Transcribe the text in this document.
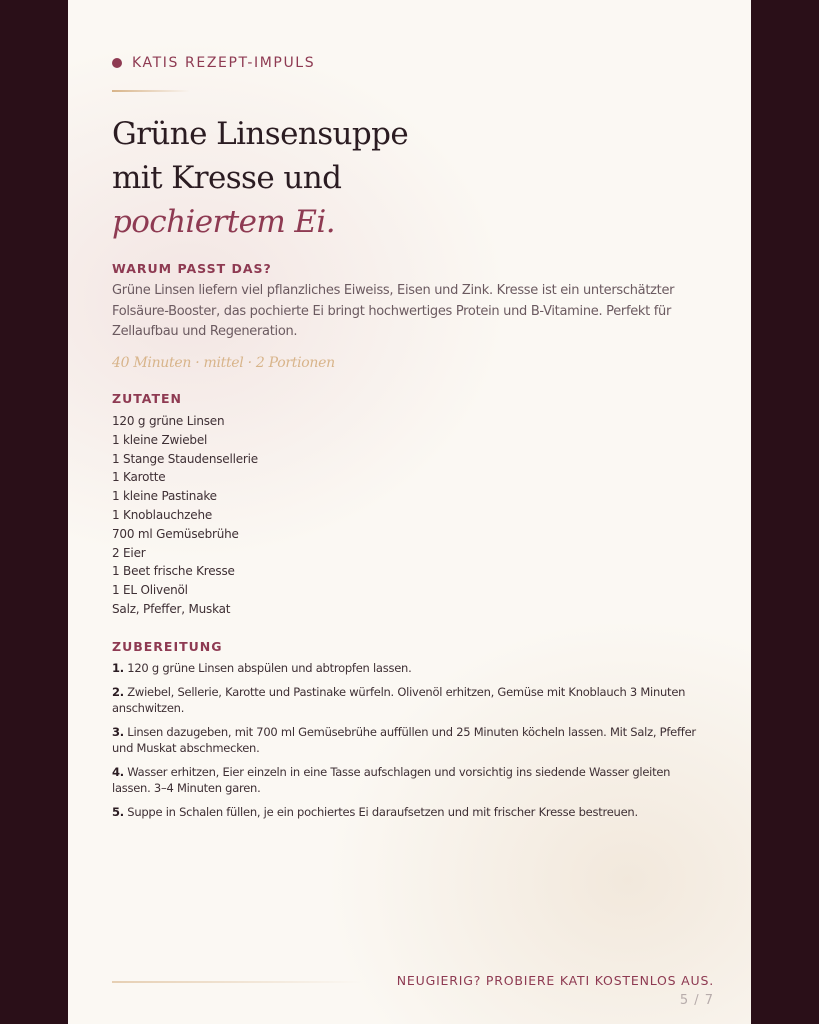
KATIS REZEPT-IMPULS
Grüne Linsensuppe
mit Kresse und
pochiertem Ei.
WARUM PASST DAS?
Grüne Linsen liefern viel pflanzliches Eiweiss, Eisen und Zink. Kresse ist ein unterschätzter Folsäure-Booster, das pochierte Ei bringt hochwertiges Protein und B-Vitamine. Perfekt für Zellaufbau und Regeneration.
40 Minuten · mittel · 2 Portionen
ZUTATEN
120 g grüne Linsen
1 kleine Zwiebel
1 Stange Staudensellerie
1 Karotte
1 kleine Pastinake
1 Knoblauchzehe
700 ml Gemüsebrühe
2 Eier
1 Beet frische Kresse
1 EL Olivenöl
Salz, Pfeffer, Muskat
ZUBEREITUNG
1. 120 g grüne Linsen abspülen und abtropfen lassen.
2. Zwiebel, Sellerie, Karotte und Pastinake würfeln. Olivenöl erhitzen, Gemüse mit Knoblauch 3 Minuten anschwitzen.
3. Linsen dazugeben, mit 700 ml Gemüsebrühe auffüllen und 25 Minuten köcheln lassen. Mit Salz, Pfeffer und Muskat abschmecken.
4. Wasser erhitzen, Eier einzeln in eine Tasse aufschlagen und vorsichtig ins siedende Wasser gleiten lassen. 3–4 Minuten garen.
5. Suppe in Schalen füllen, je ein pochiertes Ei daraufsetzen und mit frischer Kresse bestreuen.
NEUGIERIG? PROBIERE KATI KOSTENLOS AUS.
5 / 7
